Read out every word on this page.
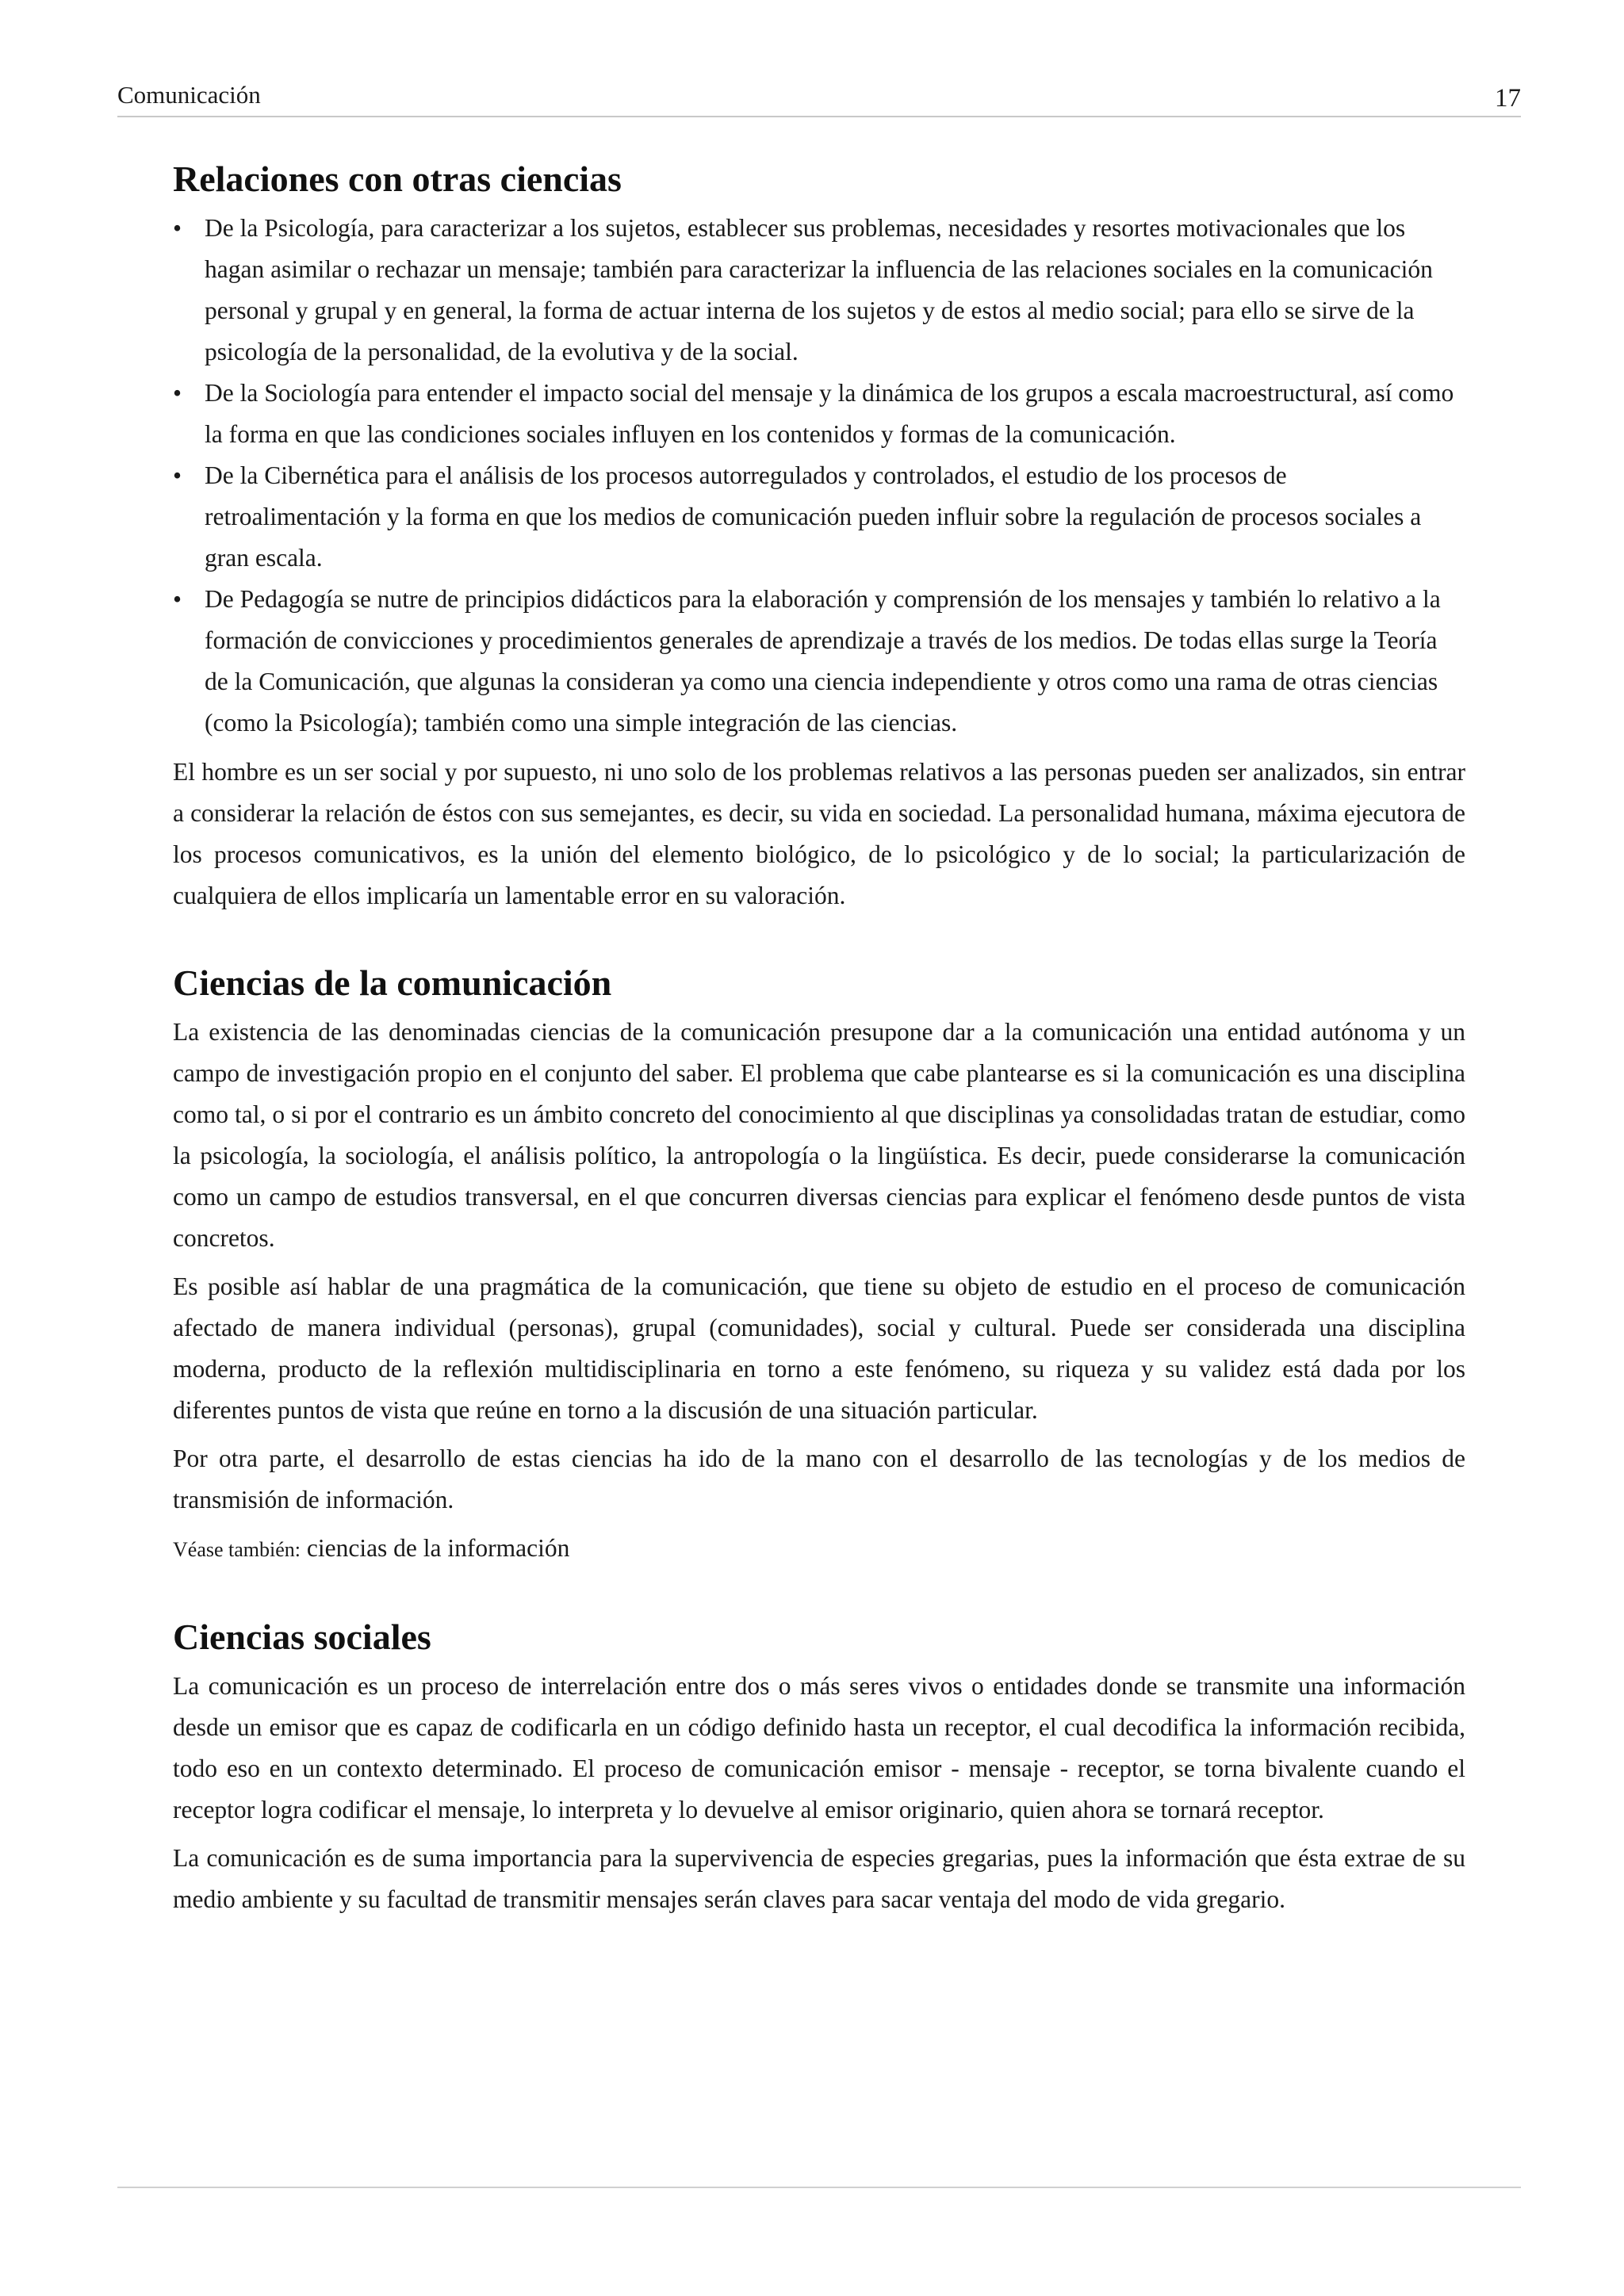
Comunicación	17
Relaciones con otras ciencias
• De la Psicología, para caracterizar a los sujetos, establecer sus problemas, necesidades y resortes motivacionales que los hagan asimilar o rechazar un mensaje; también para caracterizar la influencia de las relaciones sociales en la comunicación personal y grupal y en general, la forma de actuar interna de los sujetos y de estos al medio social; para ello se sirve de la psicología de la personalidad, de la evolutiva y de la social.
• De la Sociología para entender el impacto social del mensaje y la dinámica de los grupos a escala macroestructural, así como la forma en que las condiciones sociales influyen en los contenidos y formas de la comunicación.
• De la Cibernética para el análisis de los procesos autorregulados y controlados, el estudio de los procesos de retroalimentación y la forma en que los medios de comunicación pueden influir sobre la regulación de procesos sociales a gran escala.
• De Pedagogía se nutre de principios didácticos para la elaboración y comprensión de los mensajes y también lo relativo a la formación de convicciones y procedimientos generales de aprendizaje a través de los medios. De todas ellas surge la Teoría de la Comunicación, que algunas la consideran ya como una ciencia independiente y otros como una rama de otras ciencias (como la Psicología); también como una simple integración de las ciencias.

El hombre es un ser social y por supuesto, ni uno solo de los problemas relativos a las personas pueden ser analizados, sin entrar a considerar la relación de éstos con sus semejantes, es decir, su vida en sociedad. La personalidad humana, máxima ejecutora de los procesos comunicativos, es la unión del elemento biológico, de lo psicológico y de lo social; la particularización de cualquiera de ellos implicaría un lamentable error en su valoración.

Ciencias de la comunicación

La existencia de las denominadas ciencias de la comunicación presupone dar a la comunicación una entidad autónoma y un campo de investigación propio en el conjunto del saber. El problema que cabe plantearse es si la comunicación es una disciplina como tal, o si por el contrario es un ámbito concreto del conocimiento al que disciplinas ya consolidadas tratan de estudiar, como la psicología, la sociología, el análisis político, la antropología o la lingüística. Es decir, puede considerarse la comunicación como un campo de estudios transversal, en el que concurren diversas ciencias para explicar el fenómeno desde puntos de vista concretos.

Es posible así hablar de una pragmática de la comunicación, que tiene su objeto de estudio en el proceso de comunicación afectado de manera individual (personas), grupal (comunidades), social y cultural. Puede ser considerada una disciplina moderna, producto de la reflexión multidisciplinaria en torno a este fenómeno, su riqueza y su validez está dada por los diferentes puntos de vista que reúne en torno a la discusión de una situación particular.

Por otra parte, el desarrollo de estas ciencias ha ido de la mano con el desarrollo de las tecnologías y de los medios de transmisión de información.

Véase también: ciencias de la información
Ciencias sociales

La comunicación es un proceso de interrelación entre dos o más seres vivos o entidades donde se transmite una información desde un emisor que es capaz de codificarla en un código definido hasta un receptor, el cual decodifica la información recibida, todo eso en un contexto determinado. El proceso de comunicación emisor - mensaje - receptor, se torna bivalente cuando el receptor logra codificar el mensaje, lo interpreta y lo devuelve al emisor originario, quien ahora se tornará receptor.

La comunicación es de suma importancia para la supervivencia de especies gregarias, pues la información que ésta extrae de su medio ambiente y su facultad de transmitir mensajes serán claves para sacar ventaja del modo de vida gregario.
